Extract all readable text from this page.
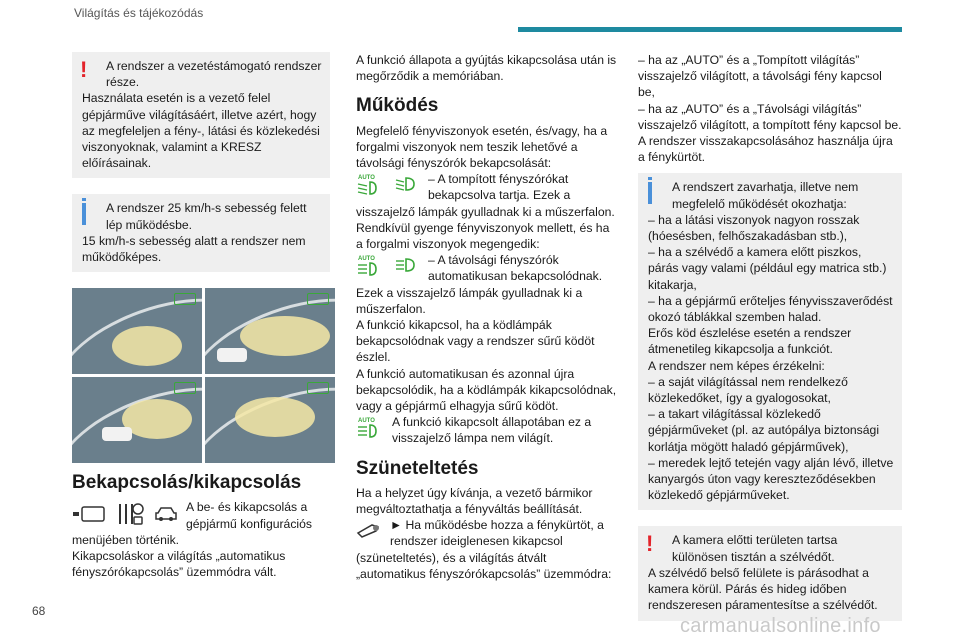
Világítás és tájékozódás
!	A rendszer a vezetéstámogató rendszer része.

Használata esetén is a vezető felel gépjárműve világításáért, illetve azért, hogy az megfeleljen a fény-, látási és közlekedési viszonyoknak, valamint a KRESZ előírásainak.

A rendszer 25 km/h-s sebesség felett lép működésbe.

15 km/h-s sebesség alatt a rendszer nem működőképes.

Bekapcsolás/kikapcsolás

A be- és kikapcsolás a gépjármű konfigurációs

menüjében történik.

Kikapcsoláskor a világítás „automatikus fényszórókapcsolás” üzemmódra vált.

A funkció állapota a gyújtás kikapcsolása után is megőrződik a memóriában.

Működés

Megfelelő fényviszonyok esetén, és/vagy, ha a forgalmi viszonyok nem teszik lehetővé a távolsági fényszórók bekapcsolását:

AUTO	– A tompított fényszórókat bekapcsolva tartja. Ezek a

visszajelző lámpák gyulladnak ki a műszerfalon.

Rendkívül gyenge fényviszonyok mellett, és ha a forgalmi viszonyok megengedik:

AUTO	– A távolsági fényszórók automatikusan bekapcsolódnak.

Ezek a visszajelző lámpák gyulladnak ki a műszerfalon.

A funkció kikapcsol, ha a ködlámpák bekapcsolódnak vagy a rendszer sűrű ködöt észlel.

A funkció automatikusan és azonnal újra bekapcsolódik, ha a ködlámpák kikapcsolódnak, vagy a gépjármű elhagyja sűrű ködöt.

AUTO A funkció kikapcsolt állapotában ez a visszajelző lámpa nem világít.

Szüneteltetés

Ha a helyzet úgy kívánja, a vezető bármikor megváltoztathatja a fényváltás beállítását.

► Ha működésbe hozza a fénykürtöt, a rendszer ideiglenesen kikapcsol

(szüneteltetés), és a világítás átvált „automatikus fényszórókapcsolás” üzemmódra:

– ha az „AUTO” és a „Tompított világítás” visszajelző világított, a távolsági fény kapcsol be,

– ha az „AUTO” és a „Távolsági világítás” visszajelző világított, a tompított fény kapcsol be.

A rendszer visszakapcsolásához használja újra a fénykürtöt.

A rendszert zavarhatja, illetve nem megfelelő működését okozhatja:

– ha a látási viszonyok nagyon rosszak (hóesésben, felhőszakadásban stb.),
– ha a szélvédő a kamera előtt piszkos, párás vagy valami (például egy matrica stb.) kitakarja,
– ha a gépjármű erőteljes fényvisszaverődést okozó táblákkal szemben halad.
Erős köd észlelése esetén a rendszer átmenetileg kikapcsolja a funkciót.
A rendszer nem képes érzékelni:
– a saját világítással nem rendelkező közlekedőket, így a gyalogosokat,
– a takart világítással közlekedő gépjárműveket (pl. az autópálya biztonsági korlátja mögött haladó gépjárművek),
– meredek lejtő tetején vagy alján lévő, illetve kanyargós úton vagy kereszteződésekben közlekedő gépjárműveket.

!	A kamera előtti területen tartsa különösen tisztán a szélvédőt.

A szélvédő belső felülete is párásodhat a kamera körül. Párás és hideg időben rendszeresen páramentesítse a szélvédőt.

68
carmanualsonline.info
